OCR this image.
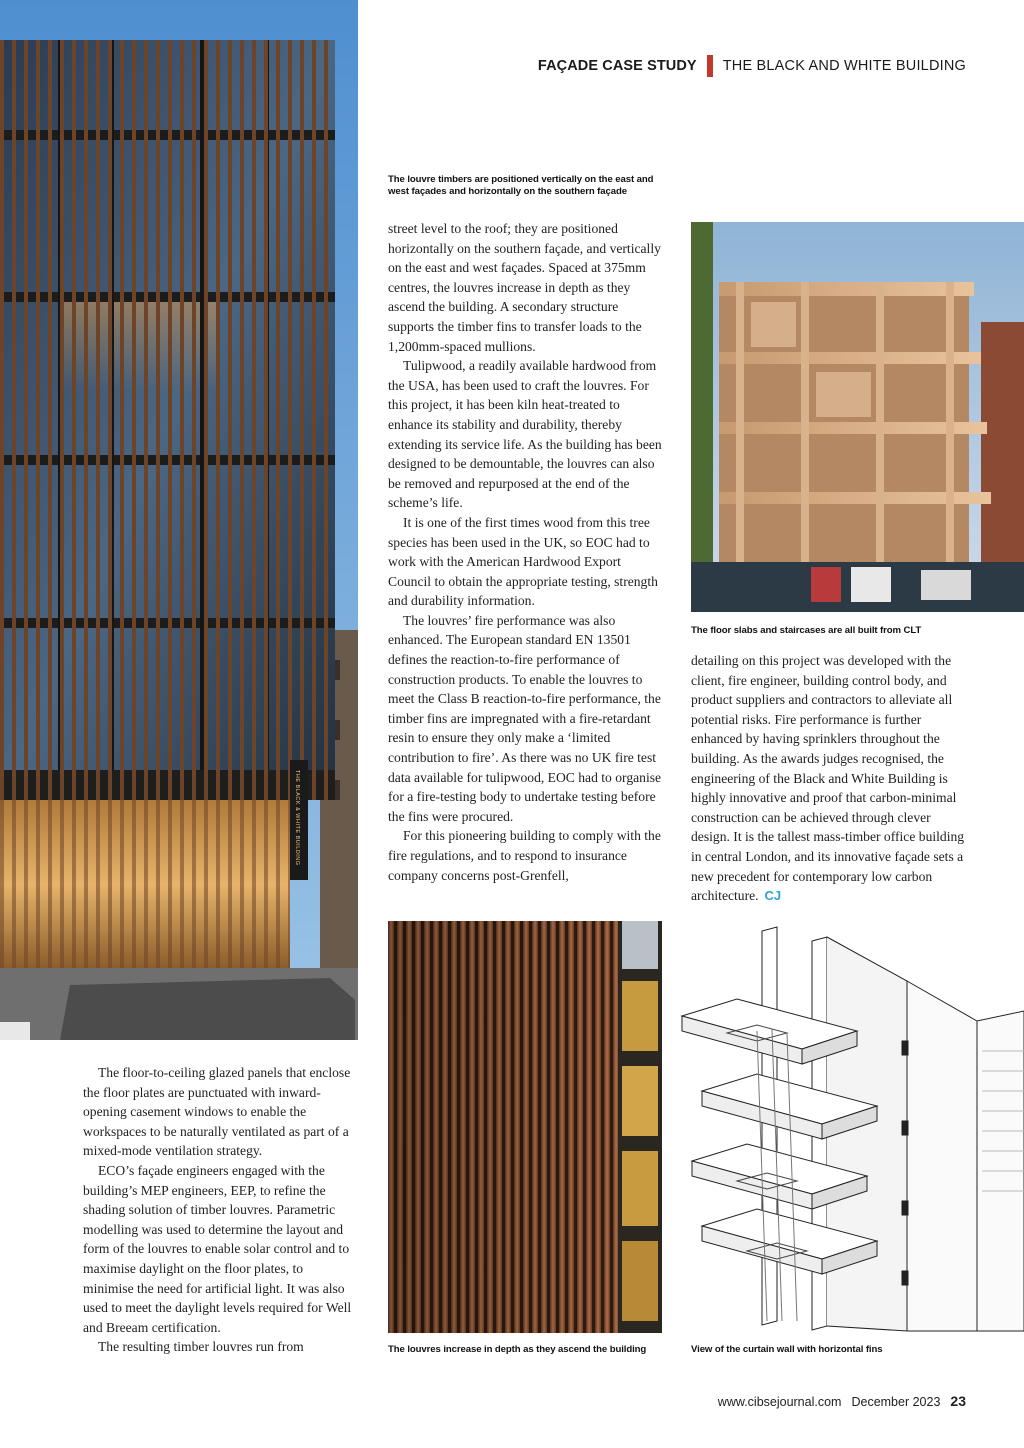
FAÇADE CASE STUDY THE BLACK AND WHITE BUILDING
THE BLACK & WHITE BUILDING
The louvre timbers are positioned vertically on the east and west façades and horizontally on the southern façade
The floor slabs and staircases are all built from CLT

street level to the roof; they are positioned horizontally on the southern façade, and vertically on the east and west façades. Spaced at 375mm centres, the louvres increase in depth as they ascend the building. A secondary structure supports the timber fins to transfer loads to the 1,200mm-spaced mullions.

Tulipwood, a readily available hardwood from the USA, has been used to craft the louvres. For this project, it has been kiln heat-treated to enhance its stability and durability, thereby extending its service life. As the building has been designed to be demountable, the louvres can also be removed and repurposed at the end of the scheme’s life.

It is one of the first times wood from this tree species has been used in the UK, so EOC had to work with the American Hardwood Export Council to obtain the appropriate testing, strength and durability information.

The louvres’ fire performance was also enhanced. The European standard EN 13501 defines the reaction-to-fire performance of construction products. To enable the louvres to meet the Class B reaction-to-fire performance, the timber fins are impregnated with a fire-retardant resin to ensure they only make a ‘limited contribution to fire’. As there was no UK fire test data available for tulipwood, EOC had to organise for a fire-testing body to undertake testing before the fins were procured.

For this pioneering building to comply with the fire regulations, and to respond to insurance company concerns post-Grenfell,

detailing on this project was developed with the client, fire engineer, building control body, and product suppliers and contractors to alleviate all potential risks. Fire performance is further enhanced by having sprinklers throughout the building. As the awards judges recognised, the engineering of the Black and White Building is highly innovative and proof that carbon-minimal construction can be achieved through clever design. It is the tallest mass-timber office building in central London, and its innovative façade sets a new precedent for contemporary low carbon architecture. CJ

The floor-to-ceiling glazed panels that enclose the floor plates are punctuated with inward-opening casement windows to enable the workspaces to be naturally ventilated as part of a mixed-mode ventilation strategy.

ECO’s façade engineers engaged with the building’s MEP engineers, EEP, to refine the shading solution of timber louvres. Parametric modelling was used to determine the layout and form of the louvres to enable solar control and to maximise daylight on the floor plates, to minimise the need for artificial light. It was also used to meet the daylight levels required for Well and Breeam certification.

The resulting timber louvres run from	The louvres increase in depth as they ascend the building	View of the curtain wall with horizontal fins
www.cibsejournal.com December 2023 23
